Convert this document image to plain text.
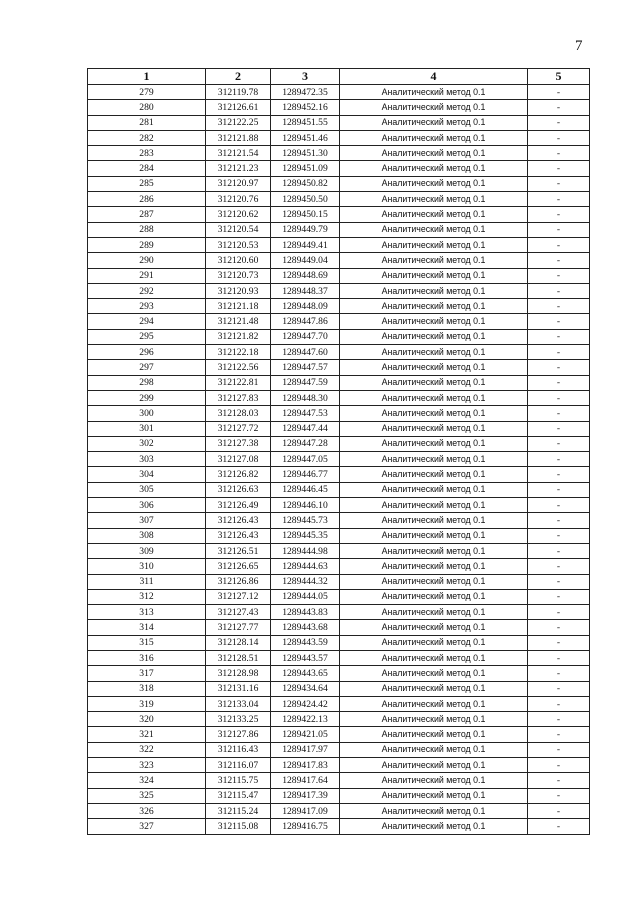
7
1	2	3	4	5
279	312119.78	1289472.35	Аналитический метод 0.1	-
280	312126.61	1289452.16	Аналитический метод 0.1	-
281	312122.25	1289451.55	Аналитический метод 0.1	-
282	312121.88	1289451.46	Аналитический метод 0.1	-
283	312121.54	1289451.30	Аналитический метод 0.1	-
284	312121.23	1289451.09	Аналитический метод 0.1	-
285	312120.97	1289450.82	Аналитический метод 0.1	-
286	312120.76	1289450.50	Аналитический метод 0.1	-
287	312120.62	1289450.15	Аналитический метод 0.1	-
288	312120.54	1289449.79	Аналитический метод 0.1	-
289	312120.53	1289449.41	Аналитический метод 0.1	-
290	312120.60	1289449.04	Аналитический метод 0.1	-
291	312120.73	1289448.69	Аналитический метод 0.1	-
292	312120.93	1289448.37	Аналитический метод 0.1	-
293	312121.18	1289448.09	Аналитический метод 0.1	-
294	312121.48	1289447.86	Аналитический метод 0.1	-
295	312121.82	1289447.70	Аналитический метод 0.1	-
296	312122.18	1289447.60	Аналитический метод 0.1	-
297	312122.56	1289447.57	Аналитический метод 0.1	-
298	312122.81	1289447.59	Аналитический метод 0.1	-
299	312127.83	1289448.30	Аналитический метод 0.1	-
300	312128.03	1289447.53	Аналитический метод 0.1	-
301	312127.72	1289447.44	Аналитический метод 0.1	-
302	312127.38	1289447.28	Аналитический метод 0.1	-
303	312127.08	1289447.05	Аналитический метод 0.1	-
304	312126.82	1289446.77	Аналитический метод 0.1	-
305	312126.63	1289446.45	Аналитический метод 0.1	-
306	312126.49	1289446.10	Аналитический метод 0.1	-
307	312126.43	1289445.73	Аналитический метод 0.1	-
308	312126.43	1289445.35	Аналитический метод 0.1	-
309	312126.51	1289444.98	Аналитический метод 0.1	-
310	312126.65	1289444.63	Аналитический метод 0.1	-
311	312126.86	1289444.32	Аналитический метод 0.1	-
312	312127.12	1289444.05	Аналитический метод 0.1	-
313	312127.43	1289443.83	Аналитический метод 0.1	-
314	312127.77	1289443.68	Аналитический метод 0.1	-
315	312128.14	1289443.59	Аналитический метод 0.1	-
316	312128.51	1289443.57	Аналитический метод 0.1	-
317	312128.98	1289443.65	Аналитический метод 0.1	-
318	312131.16	1289434.64	Аналитический метод 0.1	-
319	312133.04	1289424.42	Аналитический метод 0.1	-
320	312133.25	1289422.13	Аналитический метод 0.1	-
321	312127.86	1289421.05	Аналитический метод 0.1	-
322	312116.43	1289417.97	Аналитический метод 0.1	-
323	312116.07	1289417.83	Аналитический метод 0.1	-
324	312115.75	1289417.64	Аналитический метод 0.1	-
325	312115.47	1289417.39	Аналитический метод 0.1	-
326	312115.24	1289417.09	Аналитический метод 0.1	-
327	312115.08	1289416.75	Аналитический метод 0.1	-
